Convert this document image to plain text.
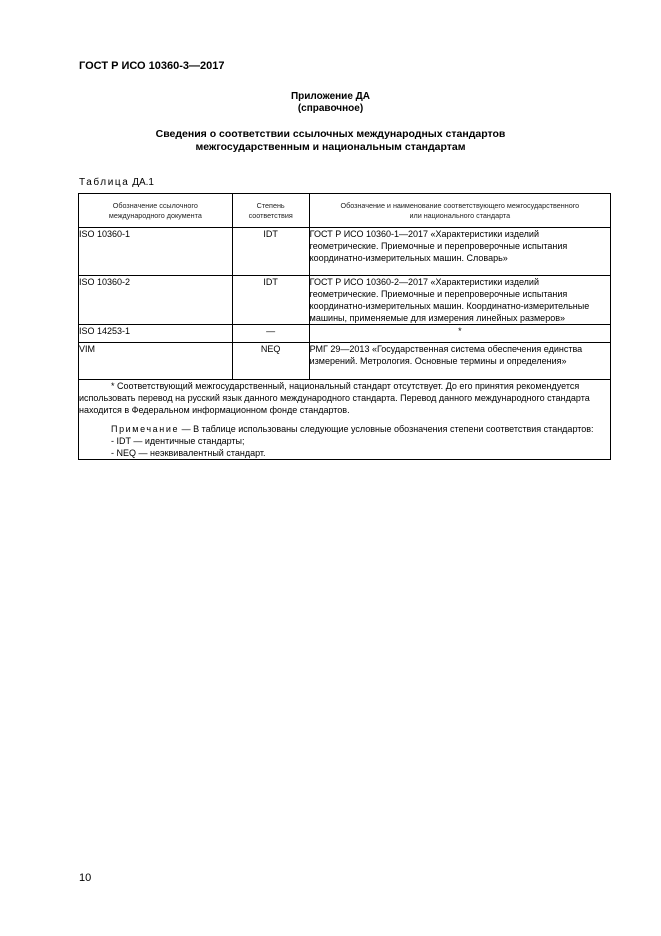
ГОСТ Р ИСО 10360-3—2017
Приложение ДА
(справочное)
Сведения о соответствии ссылочных международных стандартов
межгосударственным и национальным стандартам
Таблица ДА.1
Обозначение ссылочного международного документа	Степень соответствия	Обозначение и наименование соответствующего межгосударственного или национального стандарта
ISO 10360-1	IDT	ГОСТ Р ИСО 10360-1—2017 «Характеристики изделий геометрические. Приемочные и перепроверочные испытания координатно-измерительных машин. Словарь»
ISO 10360-2	IDT	ГОСТ Р ИСО 10360-2—2017 «Характеристики изделий геометрические. Приемочные и перепроверочные испытания координатно-измерительных машин. Координатно-измерительные машины, применяемые для измерения линейных размеров»
ISO 14253-1	—	*
VIM	NEQ	РМГ 29—2013 «Государственная система обеспечения единства измерений. Метрология. Основные термины и определения»

* Соответствующий межгосударственный, национальный стандарт отсутствует. До его принятия рекомендуется использовать перевод на русский язык данного международного стандарта. Перевод данного международного стандарта находится в Федеральном информационном фонде стандартов.

Примечание — В таблице использованы следующие условные обозначения степени соответствия стандартов:

- IDT — идентичные стандарты;

- NEQ — неэквивалентный стандарт.		

10
